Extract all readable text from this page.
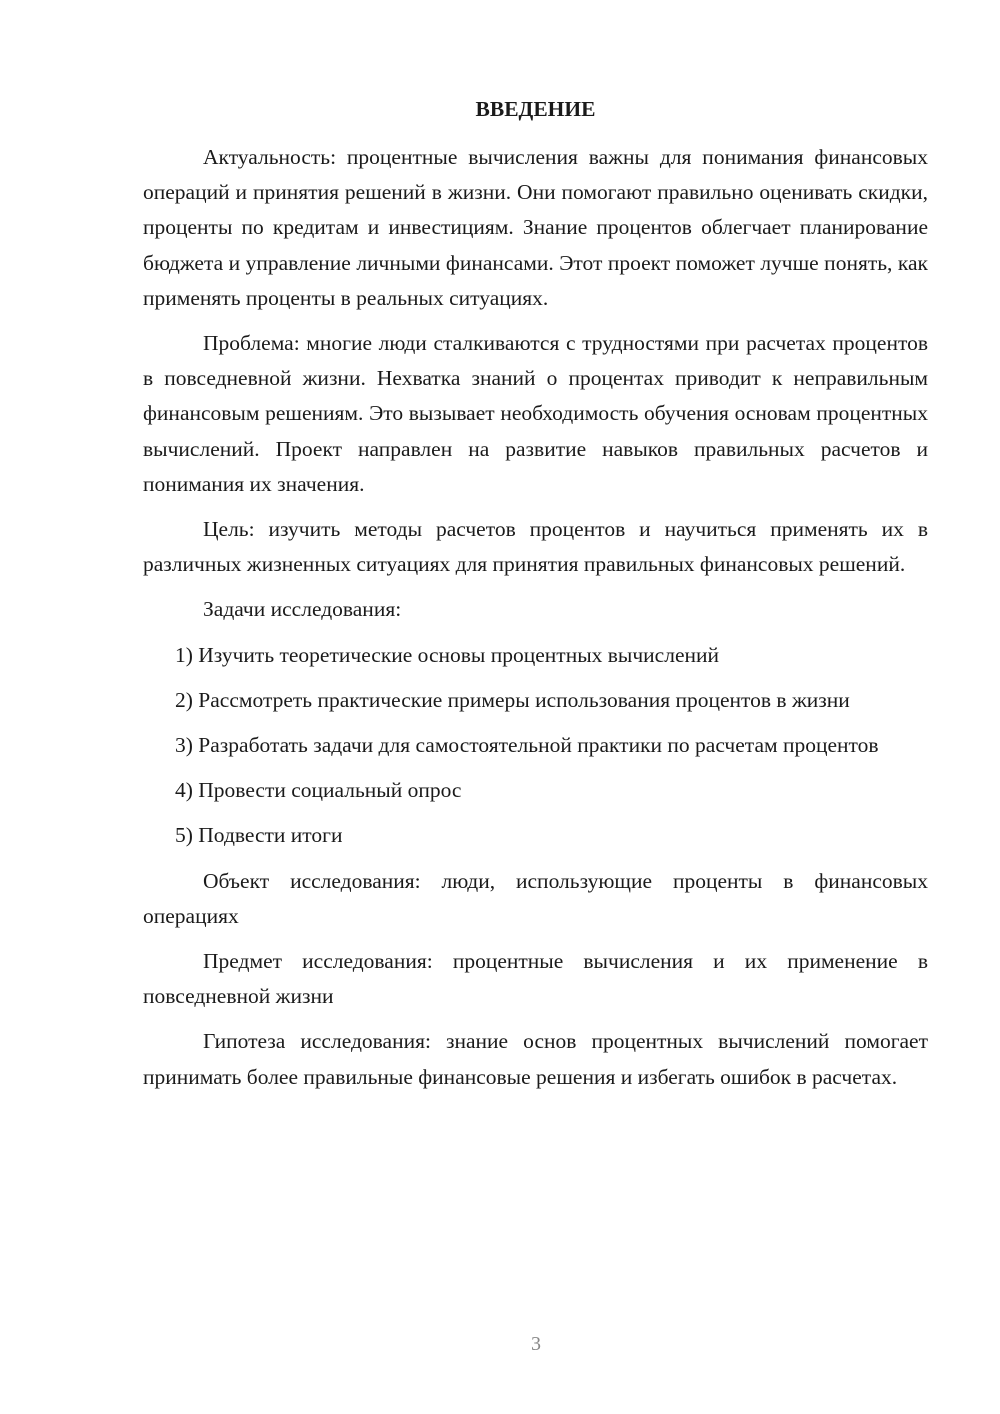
ВВЕДЕНИЕ

Актуальность: процентные вычисления важны для понимания финансовых операций и принятия решений в жизни. Они помогают правильно оценивать скидки, проценты по кредитам и инвестициям. Знание процентов облегчает планирование бюджета и управление личными финансами. Этот проект поможет лучше понять, как применять проценты в реальных ситуациях.

Проблема: многие люди сталкиваются с трудностями при расчетах процентов в повседневной жизни. Нехватка знаний о процентах приводит к неправильным финансовым решениям. Это вызывает необходимость обучения основам процентных вычислений. Проект направлен на развитие навыков правильных расчетов и понимания их значения.

Цель: изучить методы расчетов процентов и научиться применять их в различных жизненных ситуациях для принятия правильных финансовых решений.

Задачи исследования:

1) Изучить теоретические основы процентных вычислений

2) Рассмотреть практические примеры использования процентов в жизни

3) Разработать задачи для самостоятельной практики по расчетам процентов

4) Провести социальный опрос

5) Подвести итоги

Объект исследования: люди, использующие проценты в финансовых операциях

Предмет исследования: процентные вычисления и их применение в повседневной жизни

Гипотеза исследования: знание основ процентных вычислений помогает принимать более правильные финансовые решения и избегать ошибок в расчетах.

3
